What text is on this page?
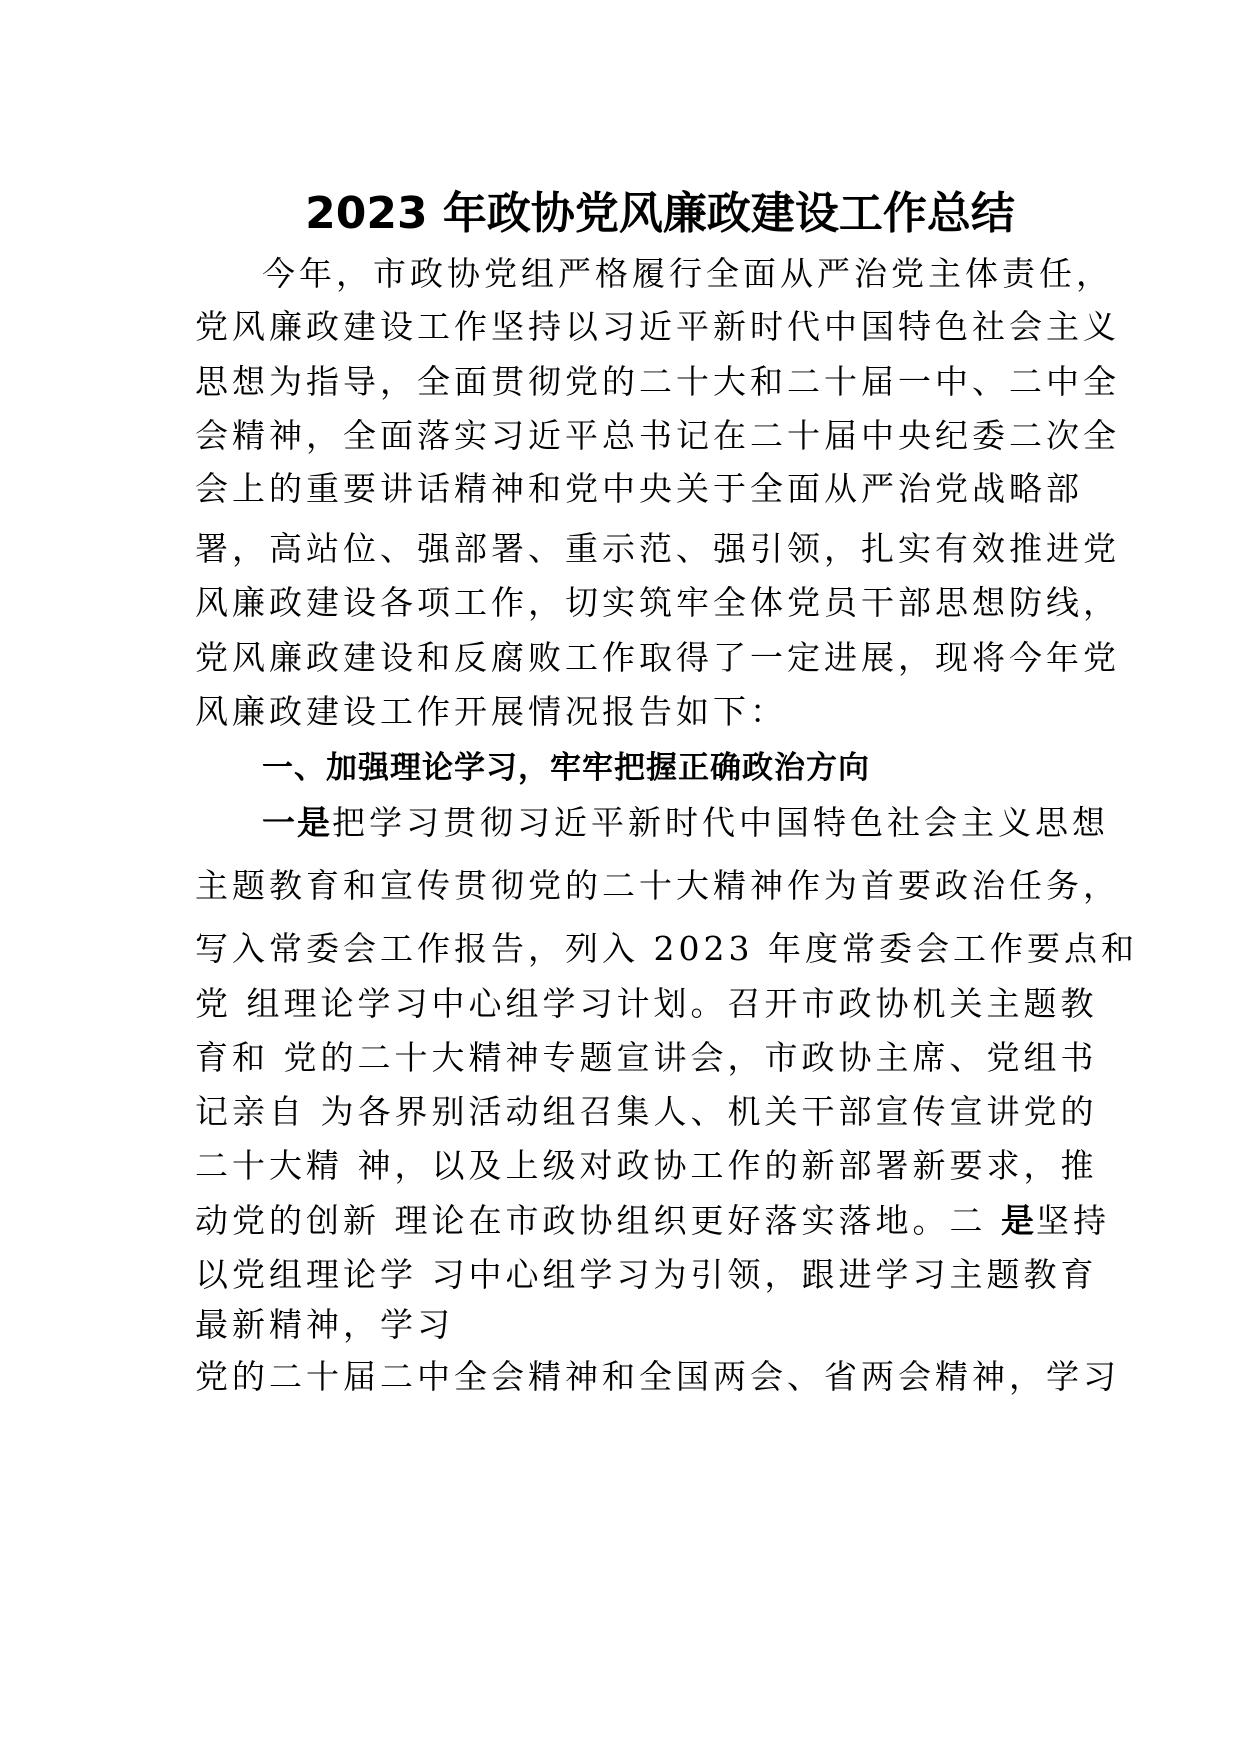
2023 年政协党风廉政建设工作总结
今年，市政协党组严格履行全面从严治党主体责任，
党风廉政建设工作坚持以习近平新时代中国特色社会主义
思想为指导，全面贯彻党的二十大和二十届一中、二中全
会精神，全面落实习近平总书记在二十届中央纪委二次全
会上的重要讲话精神和党中央关于全面从严治党战略部
署，高站位、强部署、重示范、强引领，扎实有效推进党
风廉政建设各项工作，切实筑牢全体党员干部思想防线，
党风廉政建设和反腐败工作取得了一定进展，现将今年党
风廉政建设工作开展情况报告如下：
一、加强理论学习，牢牢把握正确政治方向
一是把学习贯彻习近平新时代中国特色社会主义思想
主题教育和宣传贯彻党的二十大精神作为首要政治任务，
写入常委会工作报告，列入 2023 年度常委会工作要点和
党 组理论学习中心组学习计划。召开市政协机关主题教
育和 党的二十大精神专题宣讲会，市政协主席、党组书
记亲自 为各界别活动组召集人、机关干部宣传宣讲党的
二十大精 神，以及上级对政协工作的新部署新要求，推
动党的创新 理论在市政协组织更好落实落地。二 是坚持
以党组理论学 习中心组学习为引领，跟进学习主题教育
最新精神，学习
党的二十届二中全会精神和全国两会、省两会精神，学习
